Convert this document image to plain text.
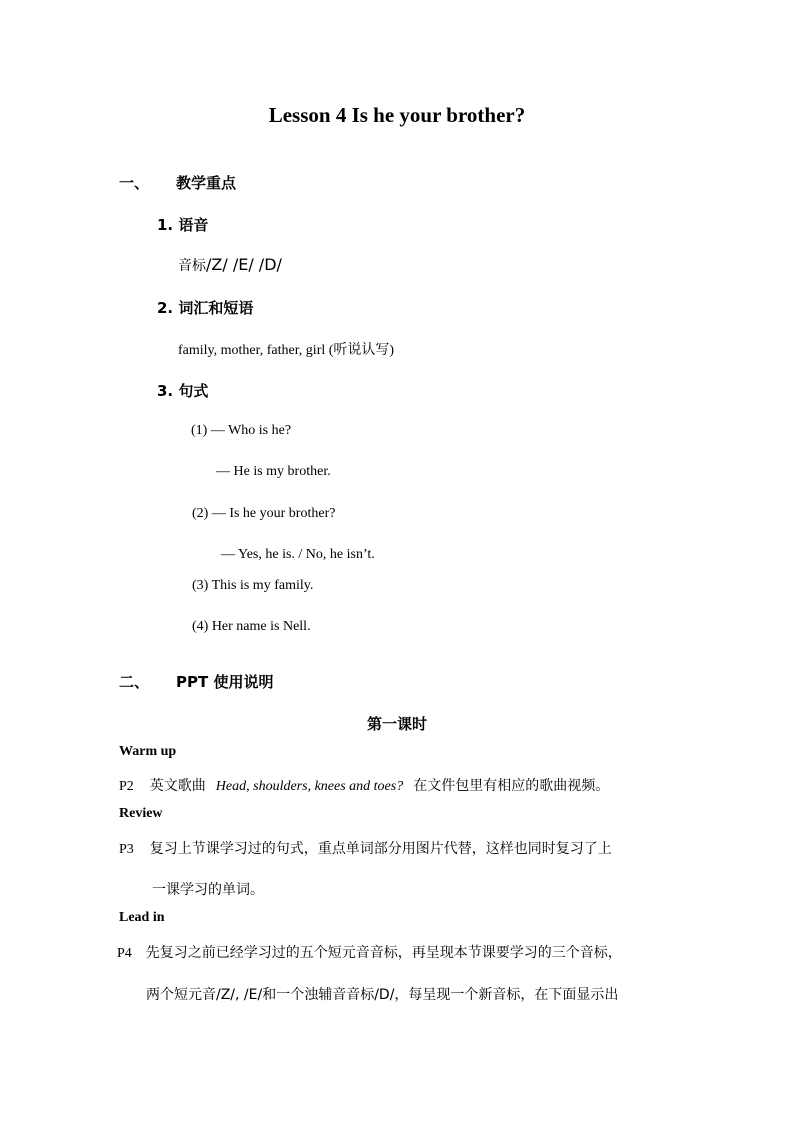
Lesson 4 Is he your brother?
一、 教学重点
1. 语音
音标/Z/ /E/ /D/
2. 词汇和短语
family, mother, father, girl (听说认写)
3. 句式
(1) — Who is he?
— He is my brother.
(2) — Is he your brother?
— Yes, he is. / No, he isn’t.
(3) This is my family.
(4) Her name is Nell.
二、 PPT 使用说明
第一课时
Warm up
P2 英文歌曲 Head, shoulders, knees and toes? 在文件包里有相应的歌曲视频。
Review
P3 复习上节课学习过的句式，重点单词部分用图片代替，这样也同时复习了上
一课学习的单词。
Lead in
P4 先复习之前已经学习过的五个短元音音标，再呈现本节课要学习的三个音标，
两个短元音/Z/, /E/和一个浊辅音音标/D/，每呈现一个新音标，在下面显示出
